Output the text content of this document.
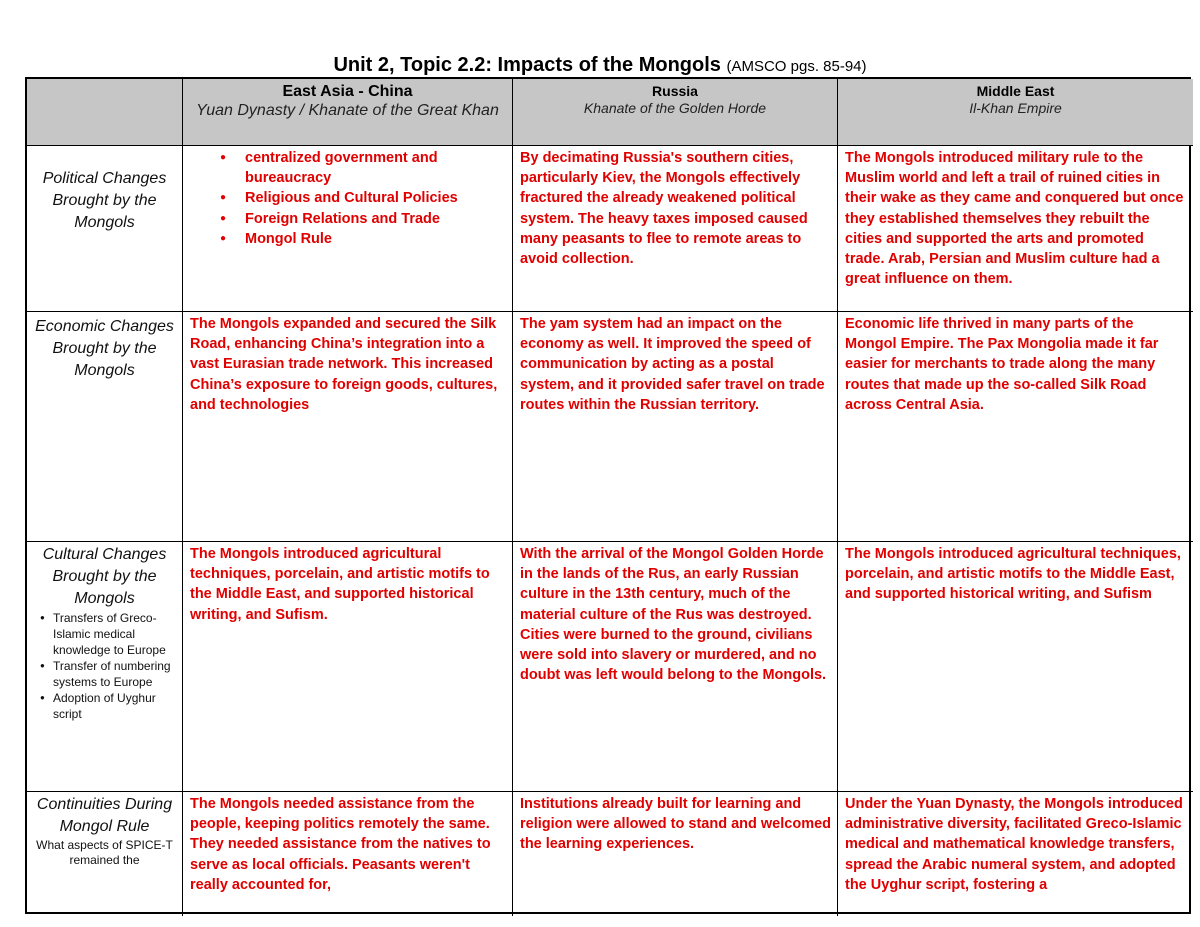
Unit 2, Topic 2.2: Impacts of the Mongols (AMSCO pgs. 85-94)
East Asia - China
Yuan Dynasty / Khanate of the Great Khan
Russia
Khanate of the Golden Horde
Middle East
Il-Khan Empire
Political Changes Brought by the Mongols
● centralized government and bureaucracy
● Religious and Cultural Policies
● Foreign Relations and Trade
● Mongol Rule
By decimating Russia's southern cities, particularly Kiev, the Mongols effectively fractured the already weakened political system. The heavy taxes imposed caused many peasants to flee to remote areas to avoid collection.
The Mongols introduced military rule to the Muslim world and left a trail of ruined cities in their wake as they came and conquered but once they established themselves they rebuilt the cities and supported the arts and promoted trade. Arab, Persian and Muslim culture had a great influence on them.
Economic Changes Brought by the Mongols
The Mongols expanded and secured the Silk Road, enhancing China’s integration into a vast Eurasian trade network. This increased China’s exposure to foreign goods, cultures, and technologies
The yam system had an impact on the economy as well. It improved the speed of communication by acting as a postal system, and it provided safer travel on trade routes within the Russian territory.
Economic life thrived in many parts of the Mongol Empire. The Pax Mongolia made it far easier for merchants to trade along the many routes that made up the so-called Silk Road across Central Asia.
Cultural Changes Brought by the Mongols
● Transfers of Greco-Islamic medical knowledge to Europe
● Transfer of numbering systems to Europe
● Adoption of Uyghur script
The Mongols introduced agricultural techniques, porcelain, and artistic motifs to the Middle East, and supported historical writing, and Sufism.
With the arrival of the Mongol Golden Horde in the lands of the Rus, an early Russian culture in the 13th century, much of the material culture of the Rus was destroyed. Cities were burned to the ground, civilians were sold into slavery or murdered, and no doubt was left would belong to the Mongols.
The Mongols introduced agricultural techniques, porcelain, and artistic motifs to the Middle East, and supported historical writing, and Sufism
Continuities During Mongol Rule
What aspects of SPICE-T remained the
The Mongols needed assistance from the people, keeping politics remotely the same. They needed assistance from the natives to serve as local officials. Peasants weren't really accounted for,
Institutions already built for learning and religion were allowed to stand and welcomed the learning experiences.
Under the Yuan Dynasty, the Mongols introduced administrative diversity, facilitated Greco-Islamic medical and mathematical knowledge transfers, spread the Arabic numeral system, and adopted the Uyghur script, fostering a
